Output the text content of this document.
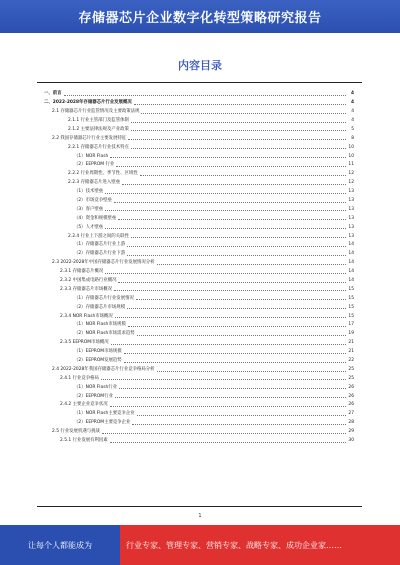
存储器芯片企业数字化转型策略研究报告
内容目录
一、前言	4
二、2022-2028年存储器芯片行业发展概况	4
2.1 存储器芯片行业监管情况及主要政策法规	4
2.1.1 行业主管部门及监管体制	4
2.1.2 主要法律法规及产业政策	5
2.2 我国存储器芯片行业主要发展特征	8
2.2.1 存储器芯片行业技术特点	10
（1）NOR Flash	10
（2）EEPROM 行业	11
2.2.2 行业周期性、季节性、区域性	12
2.2.3 存储器芯片进入壁垒	12
（1）技术壁垒	13
（2）市场竞争壁垒	13
（3）客户壁垒	13
（4）资金和规模壁垒	13
（5）人才壁垒	13
2.2.4 行业上下游之间的关联性	13
（1）存储器芯片行业上游	14
（2）存储器芯片行业下游	14
2.3 2022-2028年中国存储器芯片行业发展情况分析	14
2.3.1 存储器芯片概况	14
2.3.2 中国集成电路行业概况	14
2.3.3 存储器芯片市场概况	15
（1）存储器芯片行业发展情况	15
（2）存储器芯片市场规模	15
2.3.4 NOR Flash市场概况	15
（1）NOR Flash市场规模	17
（2）NOR Flash市场需求趋势	19
2.3.5 EEPROM市场概况	21
（1）EEPROM市场规模	21
（2）EEPROM发展趋势	22
2.4 2022-2028年我国存储器芯片行业竞争格局分析	25
2.4.1 行业竞争格局	25
（1）NOR Flash行业	26
（2）EEPROM行业	26
2.4.2 主要企业竞争状况	26
（1）NOR Flash主要竞争企业	27
（2）EEPROM主要竞争企业	28
2.5 行业发展机遇与挑战	29
2.5.1 行业发展有利因素	30
1
让每个人都能成为	行业专家、管理专家、营销专家、战略专家、成功企业家……
